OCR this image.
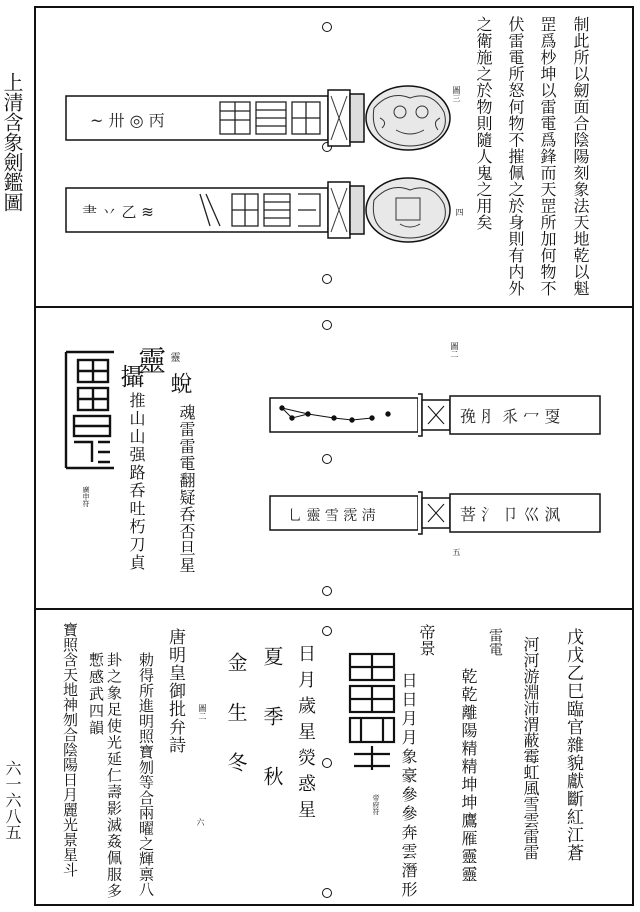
上清含象劍鑑圖
六一六八五
制此所以劒面合陰陽刻象法天地乾以魁
罡爲杪坤以雷電爲鋒而天罡所加何物不
伏雷電所怒何物不摧佩之於身則有内外
之衛施之於物則隨人鬼之用矣
圖三
四
~ 卅 ◎ 丙
⺻ 丷 乙 ≋
圖二
五
㝃 ⺼ 乑 冖 㪅
乚 靈 雪 霃 淸	菩 氵 卩 巛 沨
廣申符
靈 靈
攝
推山山强路呑吐朽刀貞
蛻
魂雷雷電翻疑呑否旦星
戊戊乙巳臨官雜貌獻斷紅江蒼
河河游淵沛渭蔽霉虹風雪雲雷雷
雷電
乾乾離陽精精坤坤鷹雁靈靈
帝景
日日月月象豪參參奔雲潛形
帝府符
日月歲星熒惑星
夏季秋
金生冬
唐明皇御批弁詩 圖二
六
勅得所進明照寶刎等合兩曜之輝禀八
卦之象足使光延仁壽影滅姦佩服多
慙感武四韻
寶照含天地神刎合陰陽日月麗光景星斗
